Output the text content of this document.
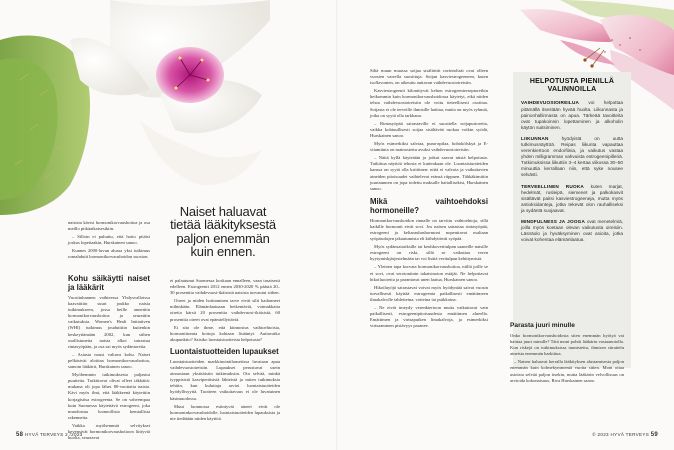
naisista kävisi hormonikorvaushoitoa ja osa meillo pitkäaikaisesikiin.

– Silloin ei puhuttu, että hoito pitäisi joskus lopettaakin, Hurskainen sanoo.

Kunnes 2000-luvun alussa yksi tutkimus romahdutti hormonikorvaushoidon suosion.

Kohu säikäytti naiset ja lääkärit

Vuosituhannen vaihteessa Yhdysvalloissa kaavaittiin suuri joukko naisia tutkimukseen, jossa heille annettiin hormonikorvaushoitoa ja seurattiin vaikutuksia. Women's Healt Initiativen (WHI) tutkimus joudutttiin kuitenkin keskeyttämään 2002, kun siihen osallistuneita naisia alkoi sairastua rintasyöpään, ja osa sai myös sydäntoreita.

– Asiasta nousi valtava kohu. Naiset pelkäsivät aloittaa hormonikorvaushoitoa, samoin lääkärit, Hurskainen sanoo.

Myöhemmin tutkimuksesta paljastui puutteita. Tutkittavat olivat olleet iäkkäitä: mukana oli jopa lähes 80-vuotiaita naisia. Kävi myös ilmi, että lääkkeenä käytettiin korjagisitsa estrogeenia. Se on vahvempaa kuin Suomessa käytettävä estrogeeni, joka muodostaa luonnollisia kemiallisia rakenneita.

Vaikka myöhemmät selvitykset kevensivät hormonikorvaushoitoon liittyviä huolia, seuraavat

Naiset haluavat tietää lääkityksestä paljon enemmän kuin ennen.

ei palautunut Suomessa koskaan ennalleen, vaan tasaisesti edelleen. Estrogeenit 2012 ennen 2030-2020 % päästä 20–30 prosenttia vaihdevuosi-ikäisistä naisista turvautui siihen.

Oireet ja niiden hoittaminen tarve eivät silti kadonneet mihinkään. Elämänlaatuaan heikentäviä, voimakkaita oireita kärsii 20 prosenttia vaihdevuosi-ikäisistä, 60 prosenttia oireet ovat epämiellyttäviä.

Et sito ole ihme, että kiinnostus vaihtoehtoisia, hormonittomia hoitoja kohtaan lisääntyi. Auttavatko akupunktio? Saisiko luontaistuotteista helpotusta?

Luontaistuotteiden lupaukset

Luontaistuotteiden markkinointilausetissa luvataan apua vaihdevuosioireisiin. Lupaukset perustuvat usein ainoastaan yksittäisiin tutkimuksiin. Ota selvää, minkä tyyppisistä kasviperäisistä lähteistä ja miten tutkimuksia tehtiin, kun kuluttaja arvioi luontaistuotteiden hyödyllisyyttä. Tuotteen vaikuttavuus ei ole luvatuinen käsimuodossa.

Muut luonnossa esiintyvät aineet eivät ole hormoninkorvaushoidolle, luontaistuotteiden lupauksista ja nie tiedätään niiden käyttöä.

Siltä muun muassa soijaa sisältävät ravintolisät ovat olleen vuosien varrella suosittuja. Soijan kasviestrogeeneen, kuten isoflavonien, on aikeuttu auttavan vaihdevuosioireisiin.

Kasviestrogeenit kilonittyvät kehon estrogeenireseptoreihin heikommin kuin hormonikorvaushoidossa käytetyt, eikä niiden tehoa vaihdevuosioireisiin ole voitu tieteellisesti osoittaa. Soijasta ei ole terveille ihmisille haittaa, mutta on myös ryhmiä, jotka on syytä olla tarkkana.

– Rintasyöpää sairastaville ei suositella soijapurtoreita, vaikka kohtuullisesti soijaa sisältävää ruokaa voikin syödä, Hurskainen sanoo.

Myös esimerkiksi salviaa, puna-apilaa, bohokölskyä ja E-vitamiinia on mainostettu avuksi vaihdevuosioireisiin.

– Näitä kyllä käytetään ja jotkut saavat niistä helpotusta. Tutkittua näyttöä tehosta ei kuitenkaan ole. Luontaistuotteiden kanssa on syytä olla kriittinen: niitä ei valvota ja vaikuttavien aineiden pitoisuudet vaihtelevat eränsä riippuen. Tähkäkimiitin juurtaunnen on jopa todettu maksalle haitallisekisi, Hurskainen sanoo.

Mikä vaihtoehdoksi hormoneille?

Hormonikorvaushoidon rinnalle on tarvittu vaihtoehtoja, sillä kaikille hormonit eivät sovi. Jos naisen sairastaa rintasyöpää, estrogeeni ja keltarauhashormoni nopeuttavat osaltaan syöpäsolujen jakautumista eli kiihdyttävät syöpää.

Myös sydänsairaiksille tai keuhkoveritulpan saaneille naisille estrogeeni on riski, sillä se vaikuttaa veren hyytymiskjärjestelmään tai voi lisätä veritulpan kehittymistä.

– Yleinen tapa korvata hormonikorvaushoitoa, niillä joille se ei sovi, ovat serotoniinin takaisinoton estäjät. Ne helpottavat hikoiluoireita ja parantavat unen laatua, Hurskainen sanoo.

Hikoiluyöjä sairastavat voivat myös hyödyntää saivat vuosin turvallisesti käyttää estrogeenia paikallisesti emättimeen ilmakalvolle tabletteina, voiteina tai puikkoina.

– Ne eivät imeydy verenkiertoon mutta vaikuttavat vain paikallisesti, estrogeenipitoisuudesta emättimen alueella. Emättimen ja virtsaputken limakalvoja, ja esimerkiksi virtsaaminen pistävyys paranee.

HELPOTUSTA PIENILLÄ VALINNOILLA

VAIHDEVUOSIOIREILUA voi helpottaa pitämällä itsestään hyvää huolta. Liikunnasta ja painonhallinnasta on apua. Tärkeää tavoitteita ovat tupakoinnin lopettaminen ja alkoholin käytön suitsiminen.

LIIKUNNAN hyödyistä on uutta tutkimusnäyttöä. Reipas liikunta vapauttaa verenkiertoon endorfiinia, ja vaikutus vastaa yhden milligramman vahvuista estrogeenipilleriä. Tutkimuksissa liikuttiin 3–4 kertaa viikossa 30–50 minuuttia kerrallaan niin, että syke nousee selvästi.

TERVEELLINEN RUOKA kuten marjat, hedelmät, rusleipä, siemenet ja palkokasvit sisältävät paitsi kasviestrogeeneja, mutta myös antioksidanteja, jotka tekevät olon rauhalliseksi ja sydäntä suojaavat.

MINDFULNESS JA JOOGA ovat menetelmiä, joilla myös koetaan olevan vaikutusta oireisiin. Läsnäolo ja hyväksyminen ovat asioita, jotka voivat kohentaa elämänlaatua.

Parasta juuri minulle

Onko hormonikorvaushoidosta siten enemmän hyötyä vai haittaa juuri minulle? Tätä moni pohtii lääkärin vastaanotolla. Kun riskejä on tutkimuksissa tunnistettu, ihmisen sitrattelu aineista enemmän harkittua.

– Naisen haluavat kerralla lääkityksen alustamisesta paljon enemmän kuin kolmekymmentä vuotta sitten. Moni ottaa asioista selvää paljon itsekin, mutta lääkärin velvollisuus on arvioida kokonaisuus, Riva Hurskainen sanoo.

58 HYVÄ TERVEYS 2 /2023	© 2023 HYVÄ TERVEYS 59
